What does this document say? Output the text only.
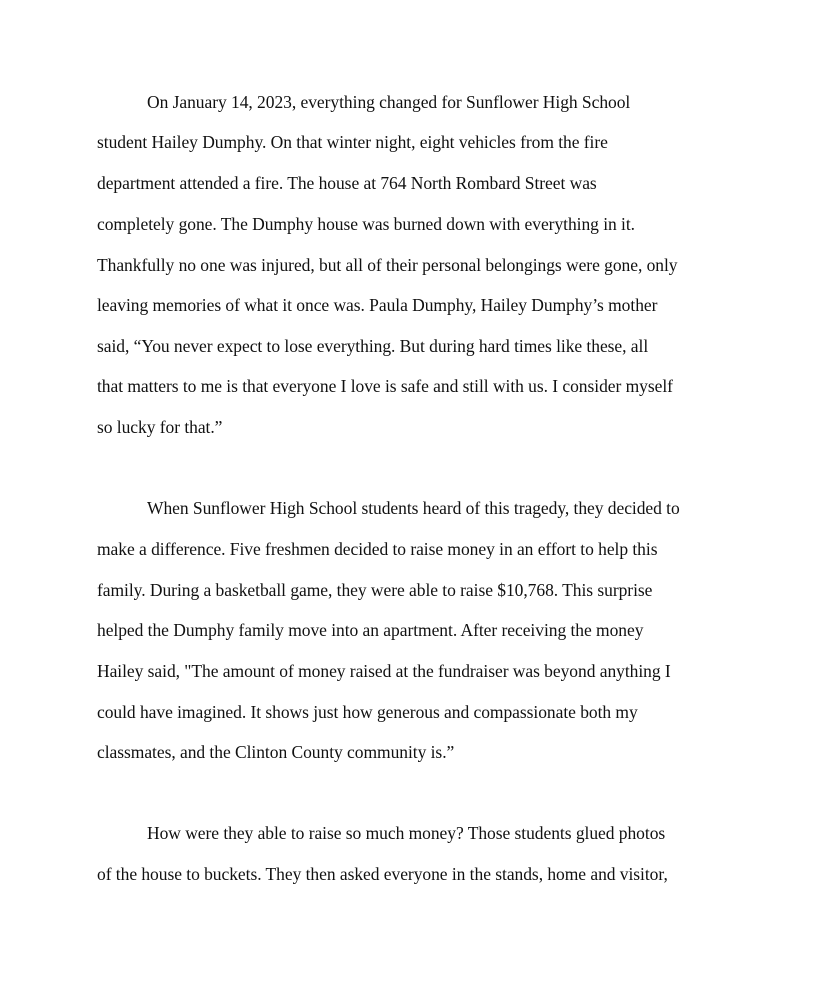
On January 14, 2023, everything changed for Sunflower High School

student Hailey Dumphy. On that winter night, eight vehicles from the fire

department attended a fire. The house at 764 North Rombard Street was

completely gone. The Dumphy house was burned down with everything in it.

Thankfully no one was injured, but all of their personal belongings were gone, only

leaving memories of what it once was. Paula Dumphy, Hailey Dumphy’s mother

said, “You never expect to lose everything. But during hard times like these, all

that matters to me is that everyone I love is safe and still with us. I consider myself

so lucky for that.”

When Sunflower High School students heard of this tragedy, they decided to

make a difference. Five freshmen decided to raise money in an effort to help this

family. During a basketball game, they were able to raise $10,768. This surprise

helped the Dumphy family move into an apartment. After receiving the money

Hailey said, "The amount of money raised at the fundraiser was beyond anything I

could have imagined. It shows just how generous and compassionate both my

classmates, and the Clinton County community is.”

How were they able to raise so much money? Those students glued photos

of the house to buckets. They then asked everyone in the stands, home and visitor,
